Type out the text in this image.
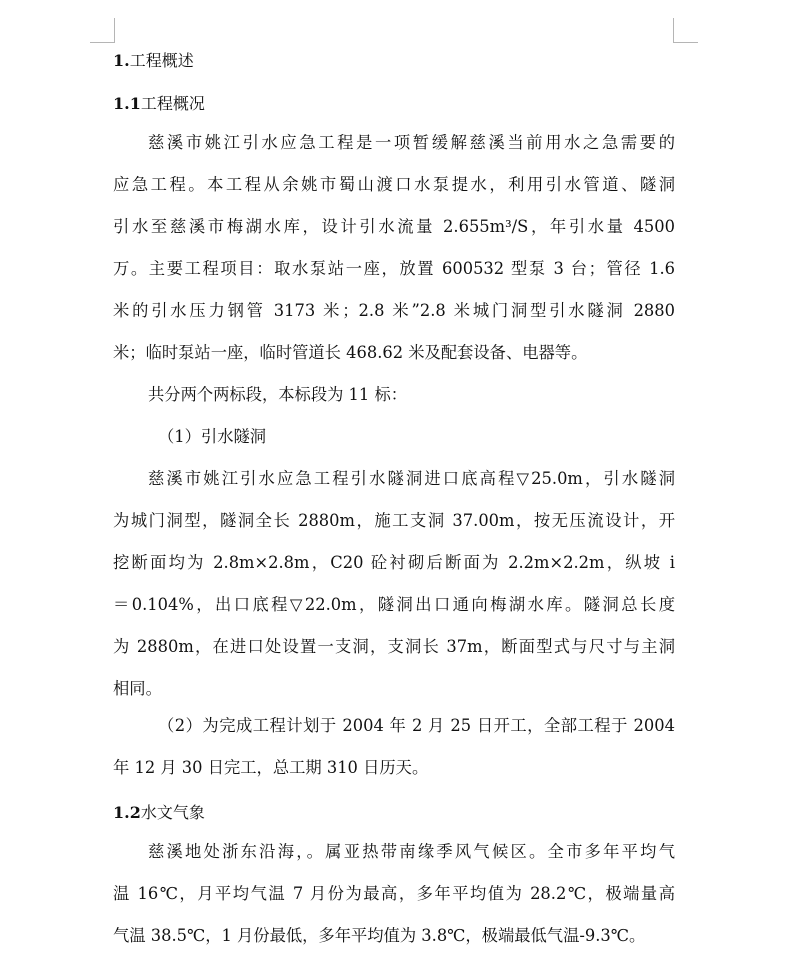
1.工程概述
1.1工程概况
慈溪市姚江引水应急工程是一项暂缓解慈溪当前用水之急需要的
应急工程。本工程从余姚市蜀山渡口水泵提水，利用引水管道、隧洞
引水至慈溪市梅湖水库，设计引水流量 2.655m³/S，年引水量 4500
万。主要工程项目：取水泵站一座，放置 600532 型泵 3 台；管径 1.6
米的引水压力钢管 3173 米；2.8 米”2.8 米城门洞型引水隧洞 2880
米；临时泵站一座，临时管道长 468.62 米及配套设备、电器等。
共分两个两标段，本标段为 11 标：
（1）引水隧洞
慈溪市姚江引水应急工程引水隧洞进口底高程▽25.0m，引水隧洞
为城门洞型，隧洞全长 2880m，施工支洞 37.00m，按无压流设计，开
挖断面均为 2.8m×2.8m，C20 砼衬砌后断面为 2.2m×2.2m，纵坡 i
＝0.104%，出口底程▽22.0m，隧洞出口通向梅湖水库。隧洞总长度
为 2880m，在进口处设置一支洞，支洞长 37m，断面型式与尺寸与主洞
相同。
（2）为完成工程计划于 2004 年 2 月 25 日开工，全部工程于 2004
年 12 月 30 日完工，总工期 310 日历天。
1.2水文气象
慈溪地处浙东沿海，。属亚热带南缘季风气候区。全市多年平均气
温 16℃，月平均气温 7 月份为最高，多年平均值为 28.2℃，极端量高
气温 38.5℃，1 月份最低，多年平均值为 3.8℃，极端最低气温-9.3℃。
